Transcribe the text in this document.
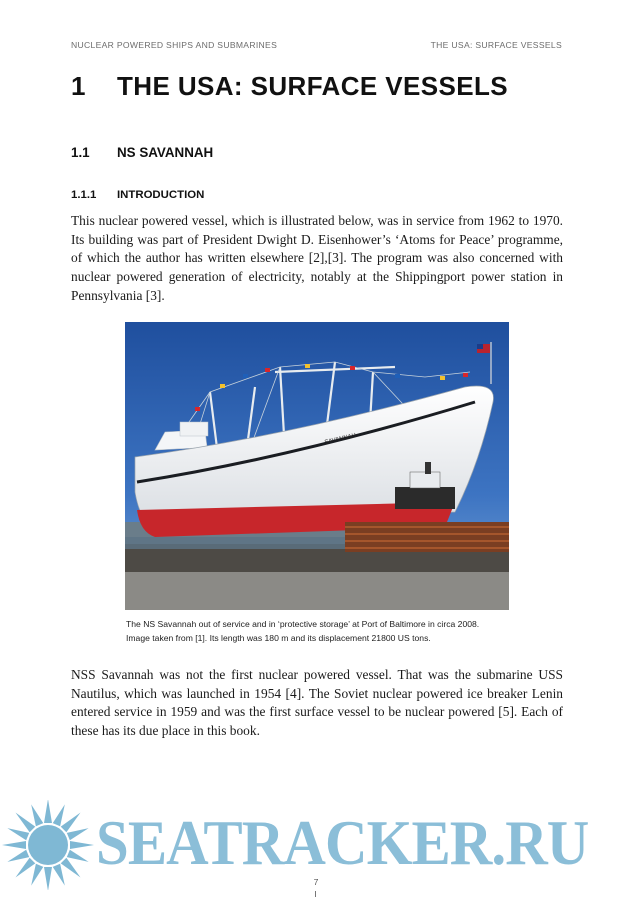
NUCLEAR POWERED SHIPS AND SUBMARINES	THE USA: SURFACE VESSELS
1 THE USA: SURFACE VESSELS
1.1 NS SAVANNAH
1.1.1 INTRODUCTION

This nuclear powered vessel, which is illustrated below, was in service from 1962 to 1970. Its building was part of President Dwight D. Eisenhower’s ‘Atoms for Peace’ programme, of which the author has written elsewhere [2],[3]. The program was also concerned with nuclear powered generation of electricity, notably at the Shippingport power station in Pennsylvania [3].

SAVANNAH

The NS Savannah out of service and in ‘protective storage’ at Port of Baltimore in circa 2008.
Image taken from [1]. Its length was 180 m and its displacement 21800 US tons.

NSS Savannah was not the first nuclear powered vessel. That was the submarine USS Nautilus, which was launched in 1954 [4]. The Soviet nuclear powered ice breaker Lenin entered service in 1959 and was the first surface vessel to be nuclear powered [5]. Each of these has its due place in this book.

SEATRACKER.RU
7
